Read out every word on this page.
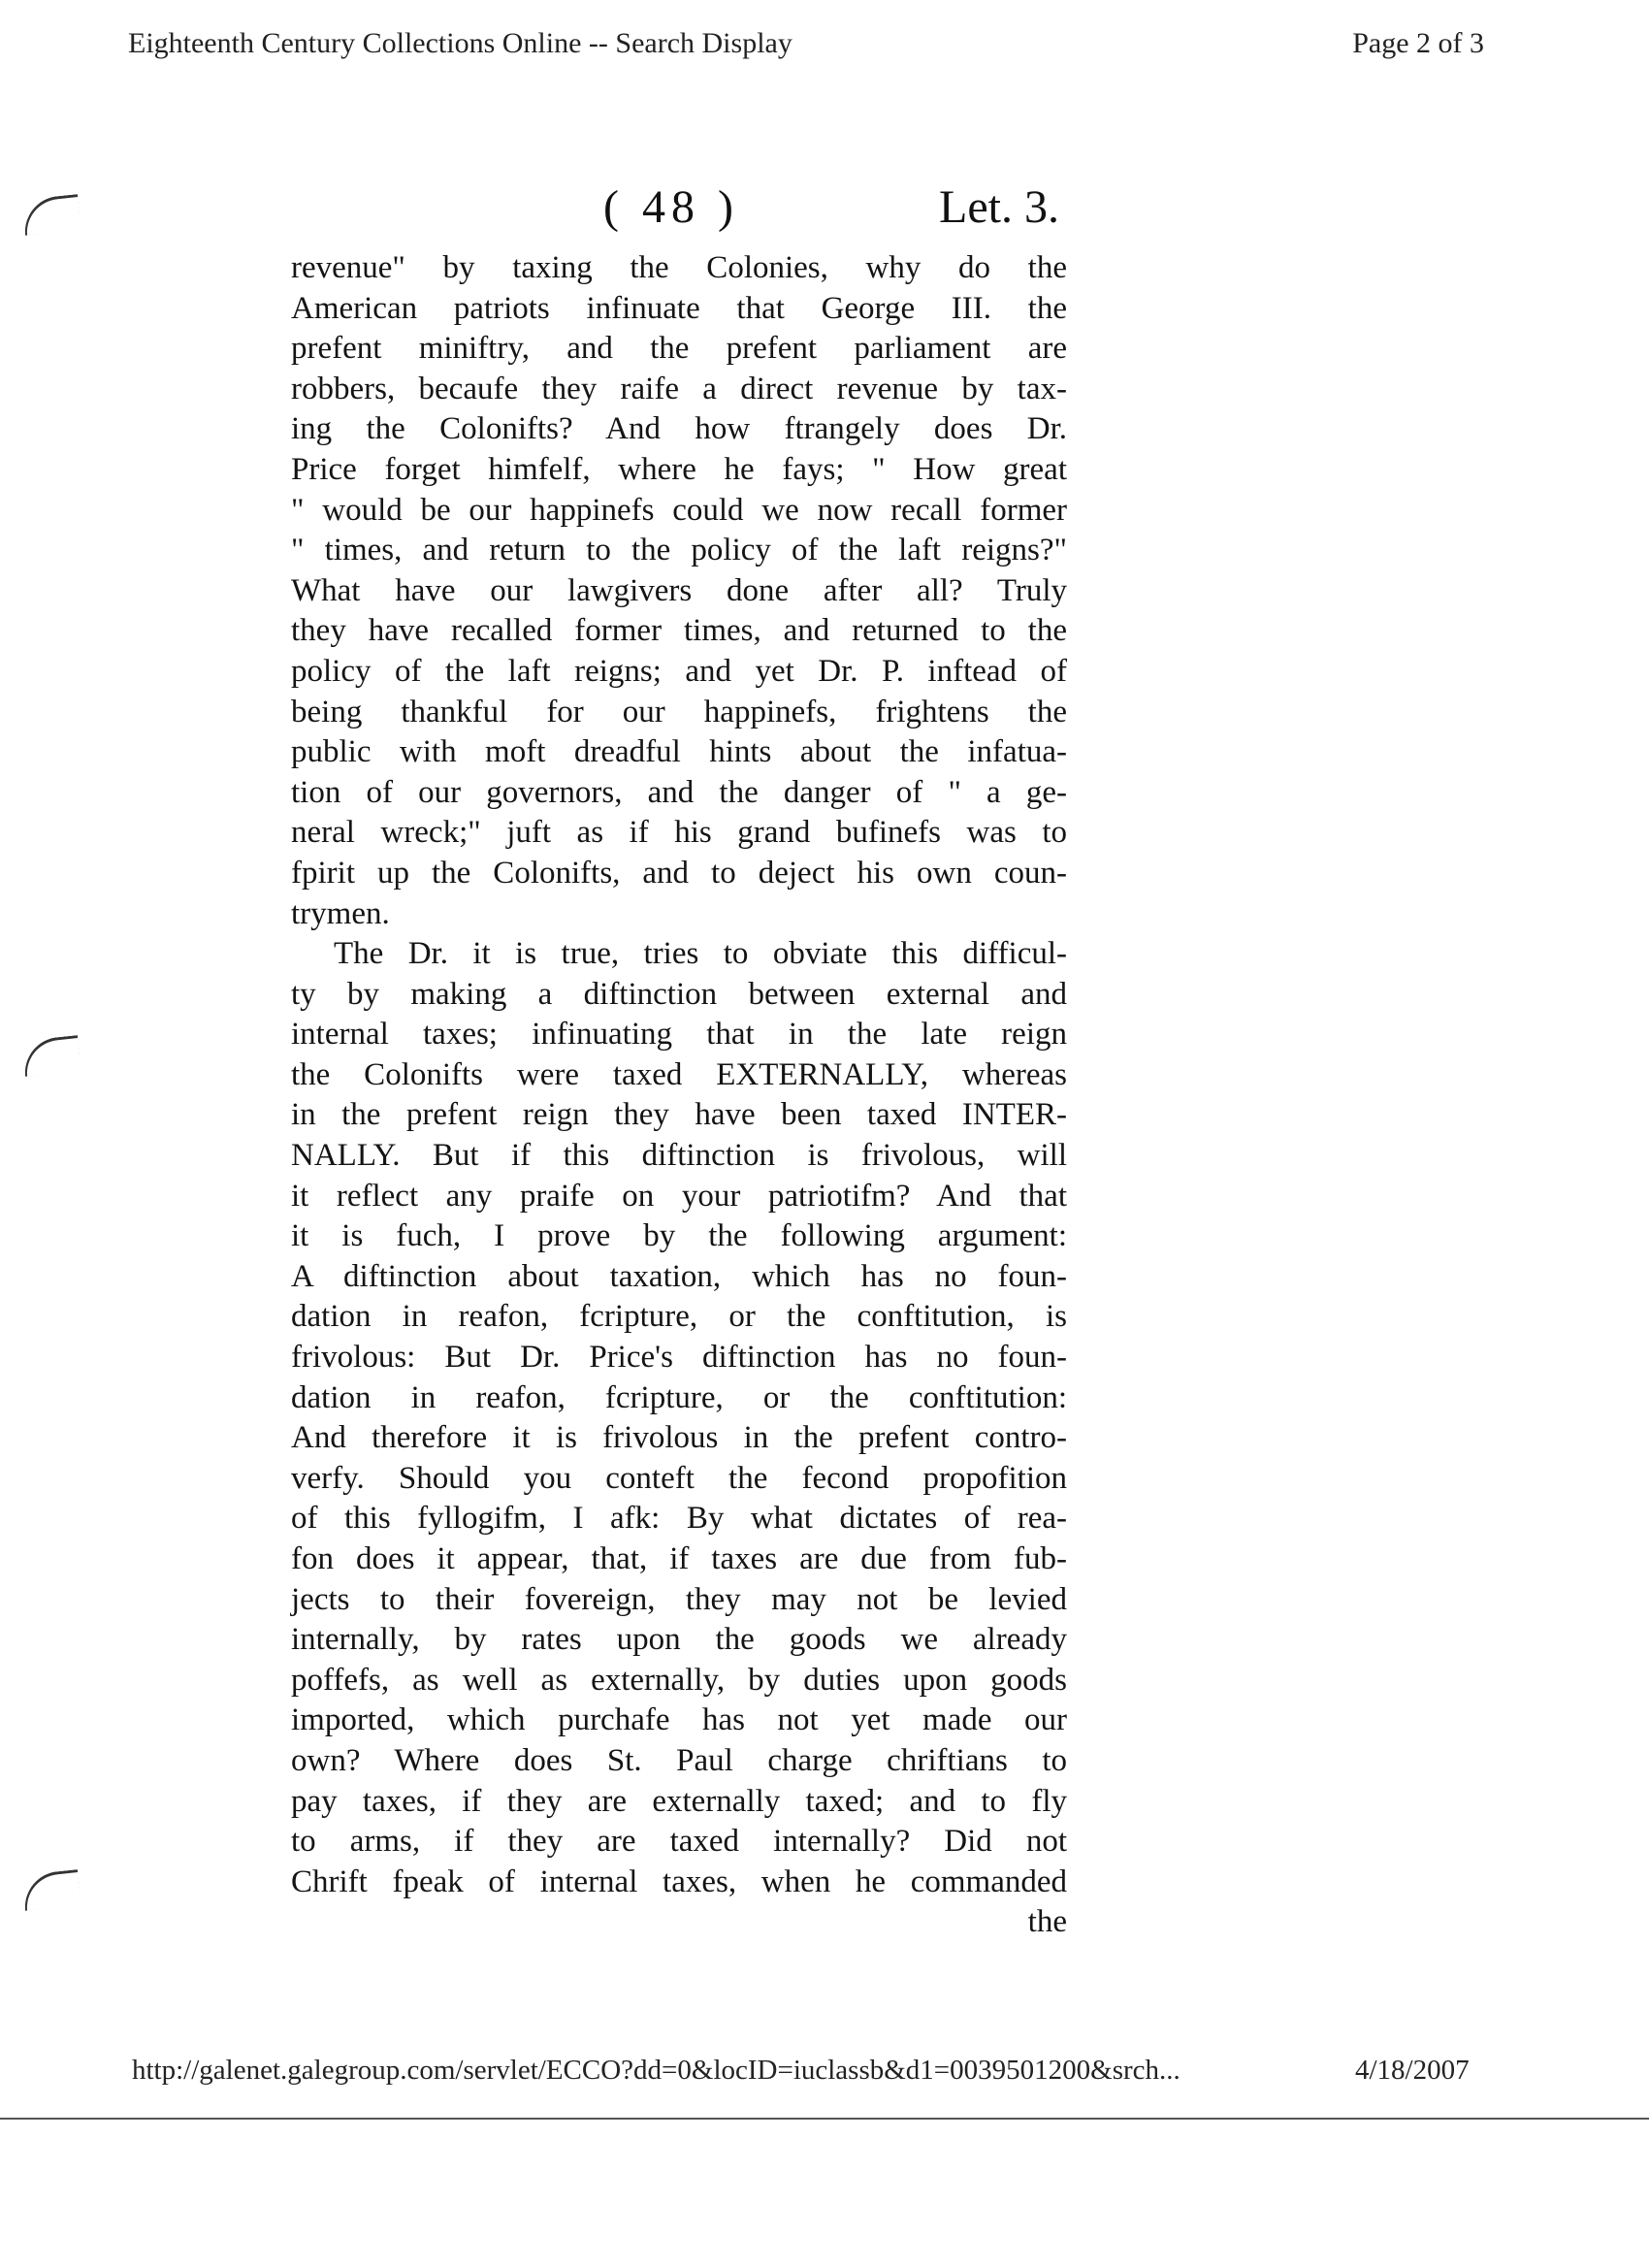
Eighteenth Century Collections Online -- Search Display	Page 2 of 3
( 48 )	Let. 3.
revenue" by taxing the Colonies, why do the
American patriots infinuate that George III. the
prefent miniftry, and the prefent parliament are
robbers, becaufe they raife a direct revenue by tax-
ing the Colonifts? And how ftrangely does Dr.
Price forget himfelf, where he fays; " How great
" would be our happinefs could we now recall former
" times, and return to the policy of the laft reigns?"
What have our lawgivers done after all? Truly
they have recalled former times, and returned to the
policy of the laft reigns; and yet Dr. P. inftead of
being thankful for our happinefs, frightens the
public with moft dreadful hints about the infatua-
tion of our governors, and the danger of " a ge-
neral wreck;" juft as if his grand bufinefs was to
fpirit up the Colonifts, and to deject his own coun-
trymen.
The Dr. it is true, tries to obviate this difficul-
ty by making a diftinction between external and
internal taxes; infinuating that in the late reign
the Colonifts were taxed EXTERNALLY, whereas
in the prefent reign they have been taxed INTER-
NALLY. But if this diftinction is frivolous, will
it reflect any praife on your patriotifm? And that
it is fuch, I prove by the following argument:
A diftinction about taxation, which has no foun-
dation in reafon, fcripture, or the conftitution, is
frivolous: But Dr. Price's diftinction has no foun-
dation in reafon, fcripture, or the conftitution:
And therefore it is frivolous in the prefent contro-
verfy. Should you conteft the fecond propofition
of this fyllogifm, I afk: By what dictates of rea-
fon does it appear, that, if taxes are due from fub-
jects to their fovereign, they may not be levied
internally, by rates upon the goods we already
poffefs, as well as externally, by duties upon goods
imported, which purchafe has not yet made our
own? Where does St. Paul charge chriftians to
pay taxes, if they are externally taxed; and to fly
to arms, if they are taxed internally? Did not
Chrift fpeak of internal taxes, when he commanded
the
http://galenet.galegroup.com/servlet/ECCO?dd=0&locID=iuclassb&d1=0039501200&srch...	4/18/2007
